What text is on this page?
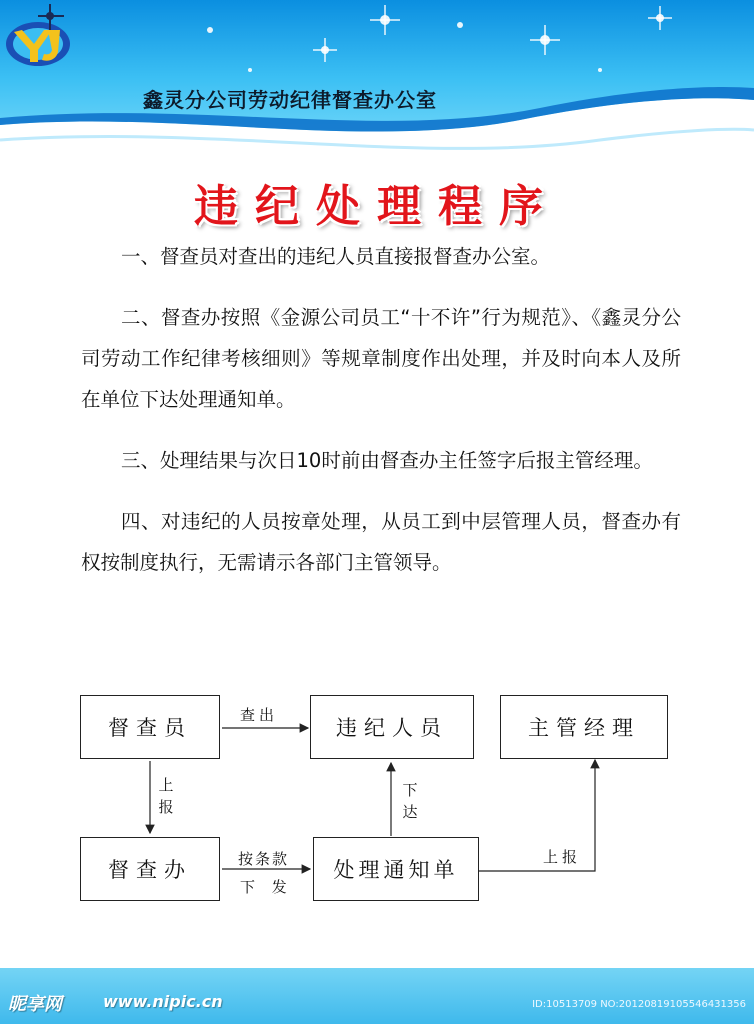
鑫灵分公司劳动纪律督查办公室
违纪处理程序

一、督查员对查出的违纪人员直接报督查办公室。

二、督查办按照《金源公司员工“十不许”行为规范》、《鑫灵分公司劳动工作纪律考核细则》等规章制度作出处理，并及时向本人及所在单位下达处理通知单。

三、处理结果与次日10时前由督查办主任签字后报主管经理。

四、对违纪的人员按章处理，从员工到中层管理人员，督查办有权按制度执行，无需请示各部门主管领导。

督查员	违纪人员	主管经理
督查办	处理通知单
查出
上报
按条款
下 发
下达
上报
昵享网	www.nipic.cn	ID:10513709 NO:20120819105546431356
